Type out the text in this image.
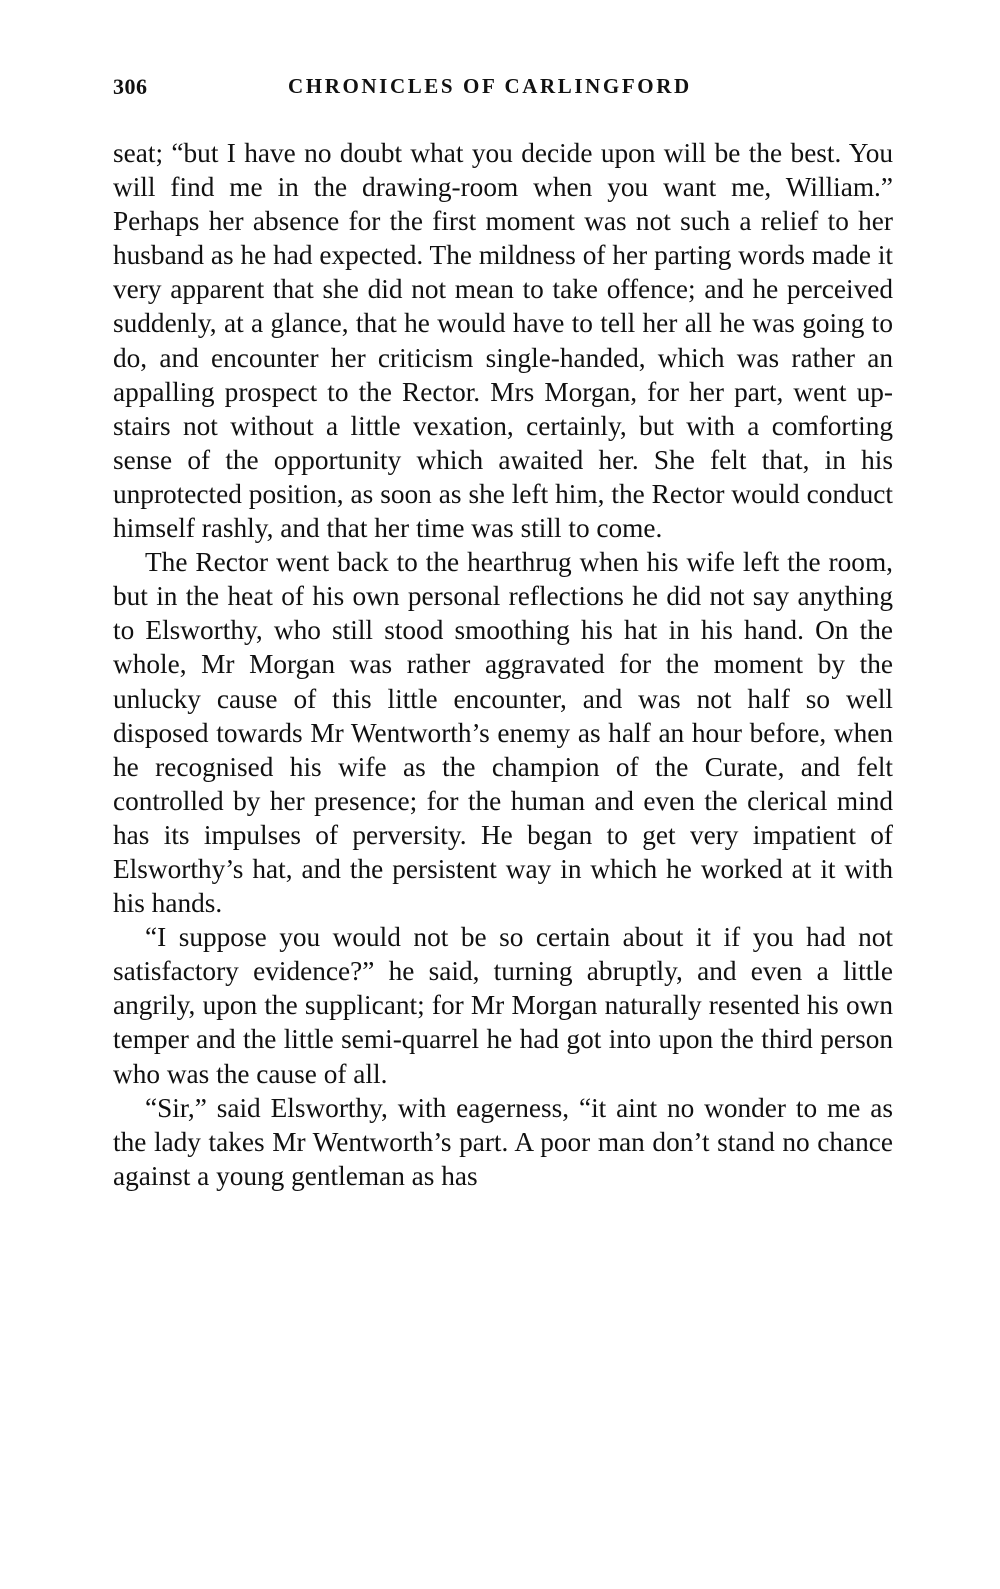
306	CHRONICLES OF CARLINGFORD

seat; “but I have no doubt what you decide upon will be the best. You will find me in the drawing-room when you want me, William.” Perhaps her absence for the first moment was not such a relief to her husband as he had expected. The mildness of her parting words made it very apparent that she did not mean to take offence; and he perceived suddenly, at a glance, that he would have to tell her all he was going to do, and encounter her criticism single-handed, which was rather an appalling prospect to the Rector. Mrs Morgan, for her part, went up-stairs not without a little vexation, certainly, but with a comforting sense of the opportunity which awaited her. She felt that, in his unprotected position, as soon as she left him, the Rector would conduct himself rashly, and that her time was still to come.

The Rector went back to the hearthrug when his wife left the room, but in the heat of his own personal reflections he did not say anything to Elsworthy, who still stood smoothing his hat in his hand. On the whole, Mr Morgan was rather aggravated for the moment by the unlucky cause of this little encounter, and was not half so well disposed towards Mr Wentworth’s enemy as half an hour before, when he recognised his wife as the champion of the Curate, and felt controlled by her presence; for the human and even the clerical mind has its impulses of perversity. He began to get very impatient of Elsworthy’s hat, and the persistent way in which he worked at it with his hands.

“I suppose you would not be so certain about it if you had not satisfactory evidence?” he said, turning abruptly, and even a little angrily, upon the supplicant; for Mr Morgan naturally resented his own temper and the little semi-quarrel he had got into upon the third person who was the cause of all.

“Sir,” said Elsworthy, with eagerness, “it aint no wonder to me as the lady takes Mr Wentworth’s part. A poor man don’t stand no chance against a young gentleman as has
